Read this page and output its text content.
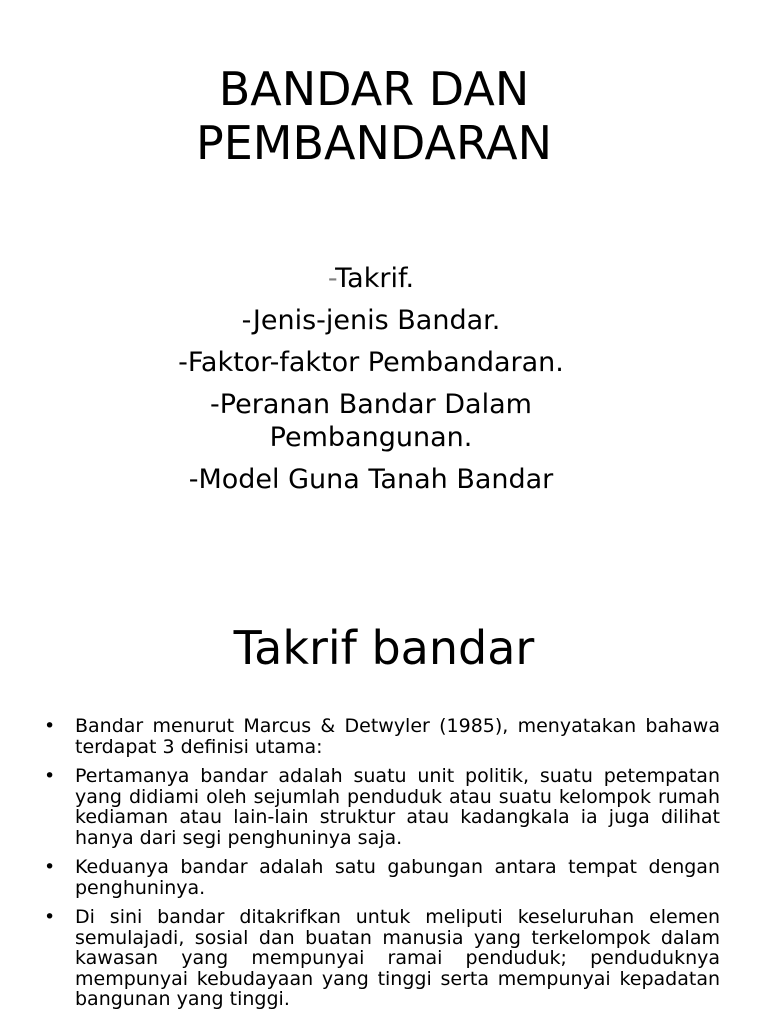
BANDAR DAN
PEMBANDARAN
-Takrif.
-Jenis-jenis Bandar.
-Faktor-faktor Pembandaran.
-Peranan Bandar Dalam Pembangunan.
-Model Guna Tanah Bandar
Takrif bandar
• Bandar menurut Marcus & Detwyler (1985), menyatakan bahawa terdapat 3 definisi utama:
• Pertamanya bandar adalah suatu unit politik, suatu petempatan yang didiami oleh sejumlah penduduk atau suatu kelompok rumah kediaman atau lain-lain struktur atau kadangkala ia juga dilihat hanya dari segi penghuninya saja.
• Keduanya bandar adalah satu gabungan antara tempat dengan penghuninya.
• Di sini bandar ditakrifkan untuk meliputi keseluruhan elemen semulajadi, sosial dan buatan manusia yang terkelompok dalam kawasan yang mempunyai ramai penduduk; penduduknya mempunyai kebudayaan yang tinggi serta mempunyai kepadatan bangunan yang tinggi.
